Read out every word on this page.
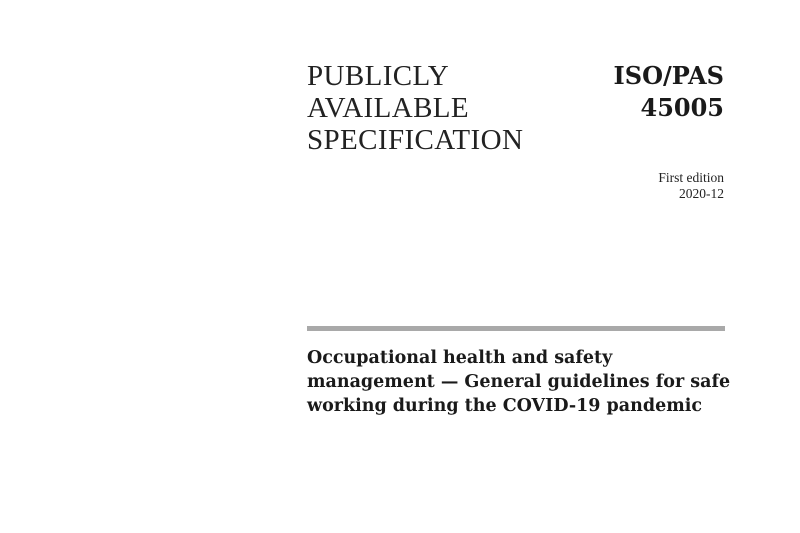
PUBLICLY
AVAILABLE
SPECIFICATION
ISO/PAS
45005
First edition
2020-12
Occupational health and safety management — General guidelines for safe working during the COVID-19 pandemic
